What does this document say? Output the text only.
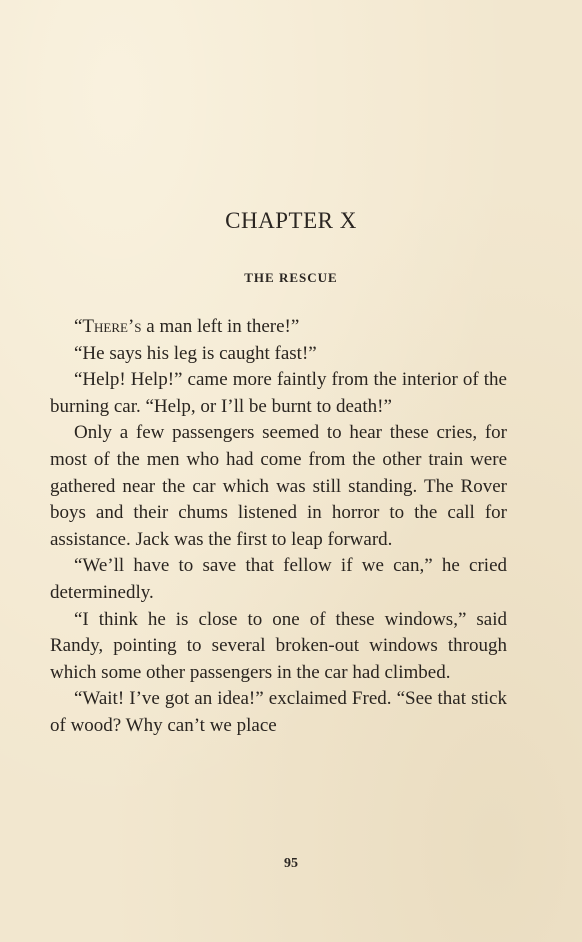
CHAPTER X
THE RESCUE

“There’s a man left in there!”

“He says his leg is caught fast!”

“Help! Help!” came more faintly from the interior of the burning car. “Help, or I’ll be burnt to death!”

Only a few passengers seemed to hear these cries, for most of the men who had come from the other train were gathered near the car which was still standing. The Rover boys and their chums listened in horror to the call for assistance. Jack was the first to leap forward.

“We’ll have to save that fellow if we can,” he cried determinedly.

“I think he is close to one of these windows,” said Randy, pointing to several broken-out windows through which some other passengers in the car had climbed.

“Wait! I’ve got an idea!” exclaimed Fred. “See that stick of wood? Why can’t we place

95
